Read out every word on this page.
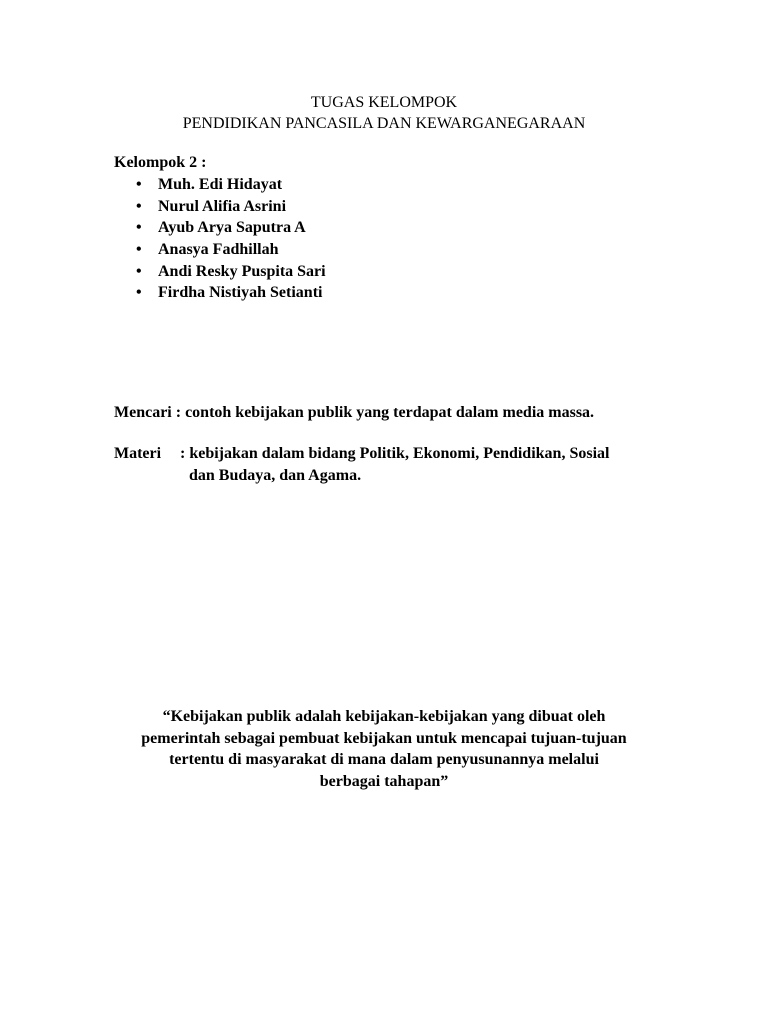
TUGAS KELOMPOK
PENDIDIKAN PANCASILA DAN KEWARGANEGARAAN
Kelompok 2 :
• Muh. Edi Hidayat
• Nurul Alifia Asrini
• Ayub Arya Saputra A
• Anasya Fadhillah
• Andi Resky Puspita Sari
• Firdha Nistiyah Setianti
Mencari : contoh kebijakan publik yang terdapat dalam media massa.
Materi : kebijakan dalam bidang Politik, Ekonomi, Pendidikan, Sosial
dan Budaya, dan Agama.
“Kebijakan publik adalah kebijakan-kebijakan yang dibuat oleh
pemerintah sebagai pembuat kebijakan untuk mencapai tujuan-tujuan
tertentu di masyarakat di mana dalam penyusunannya melalui
berbagai tahapan”
